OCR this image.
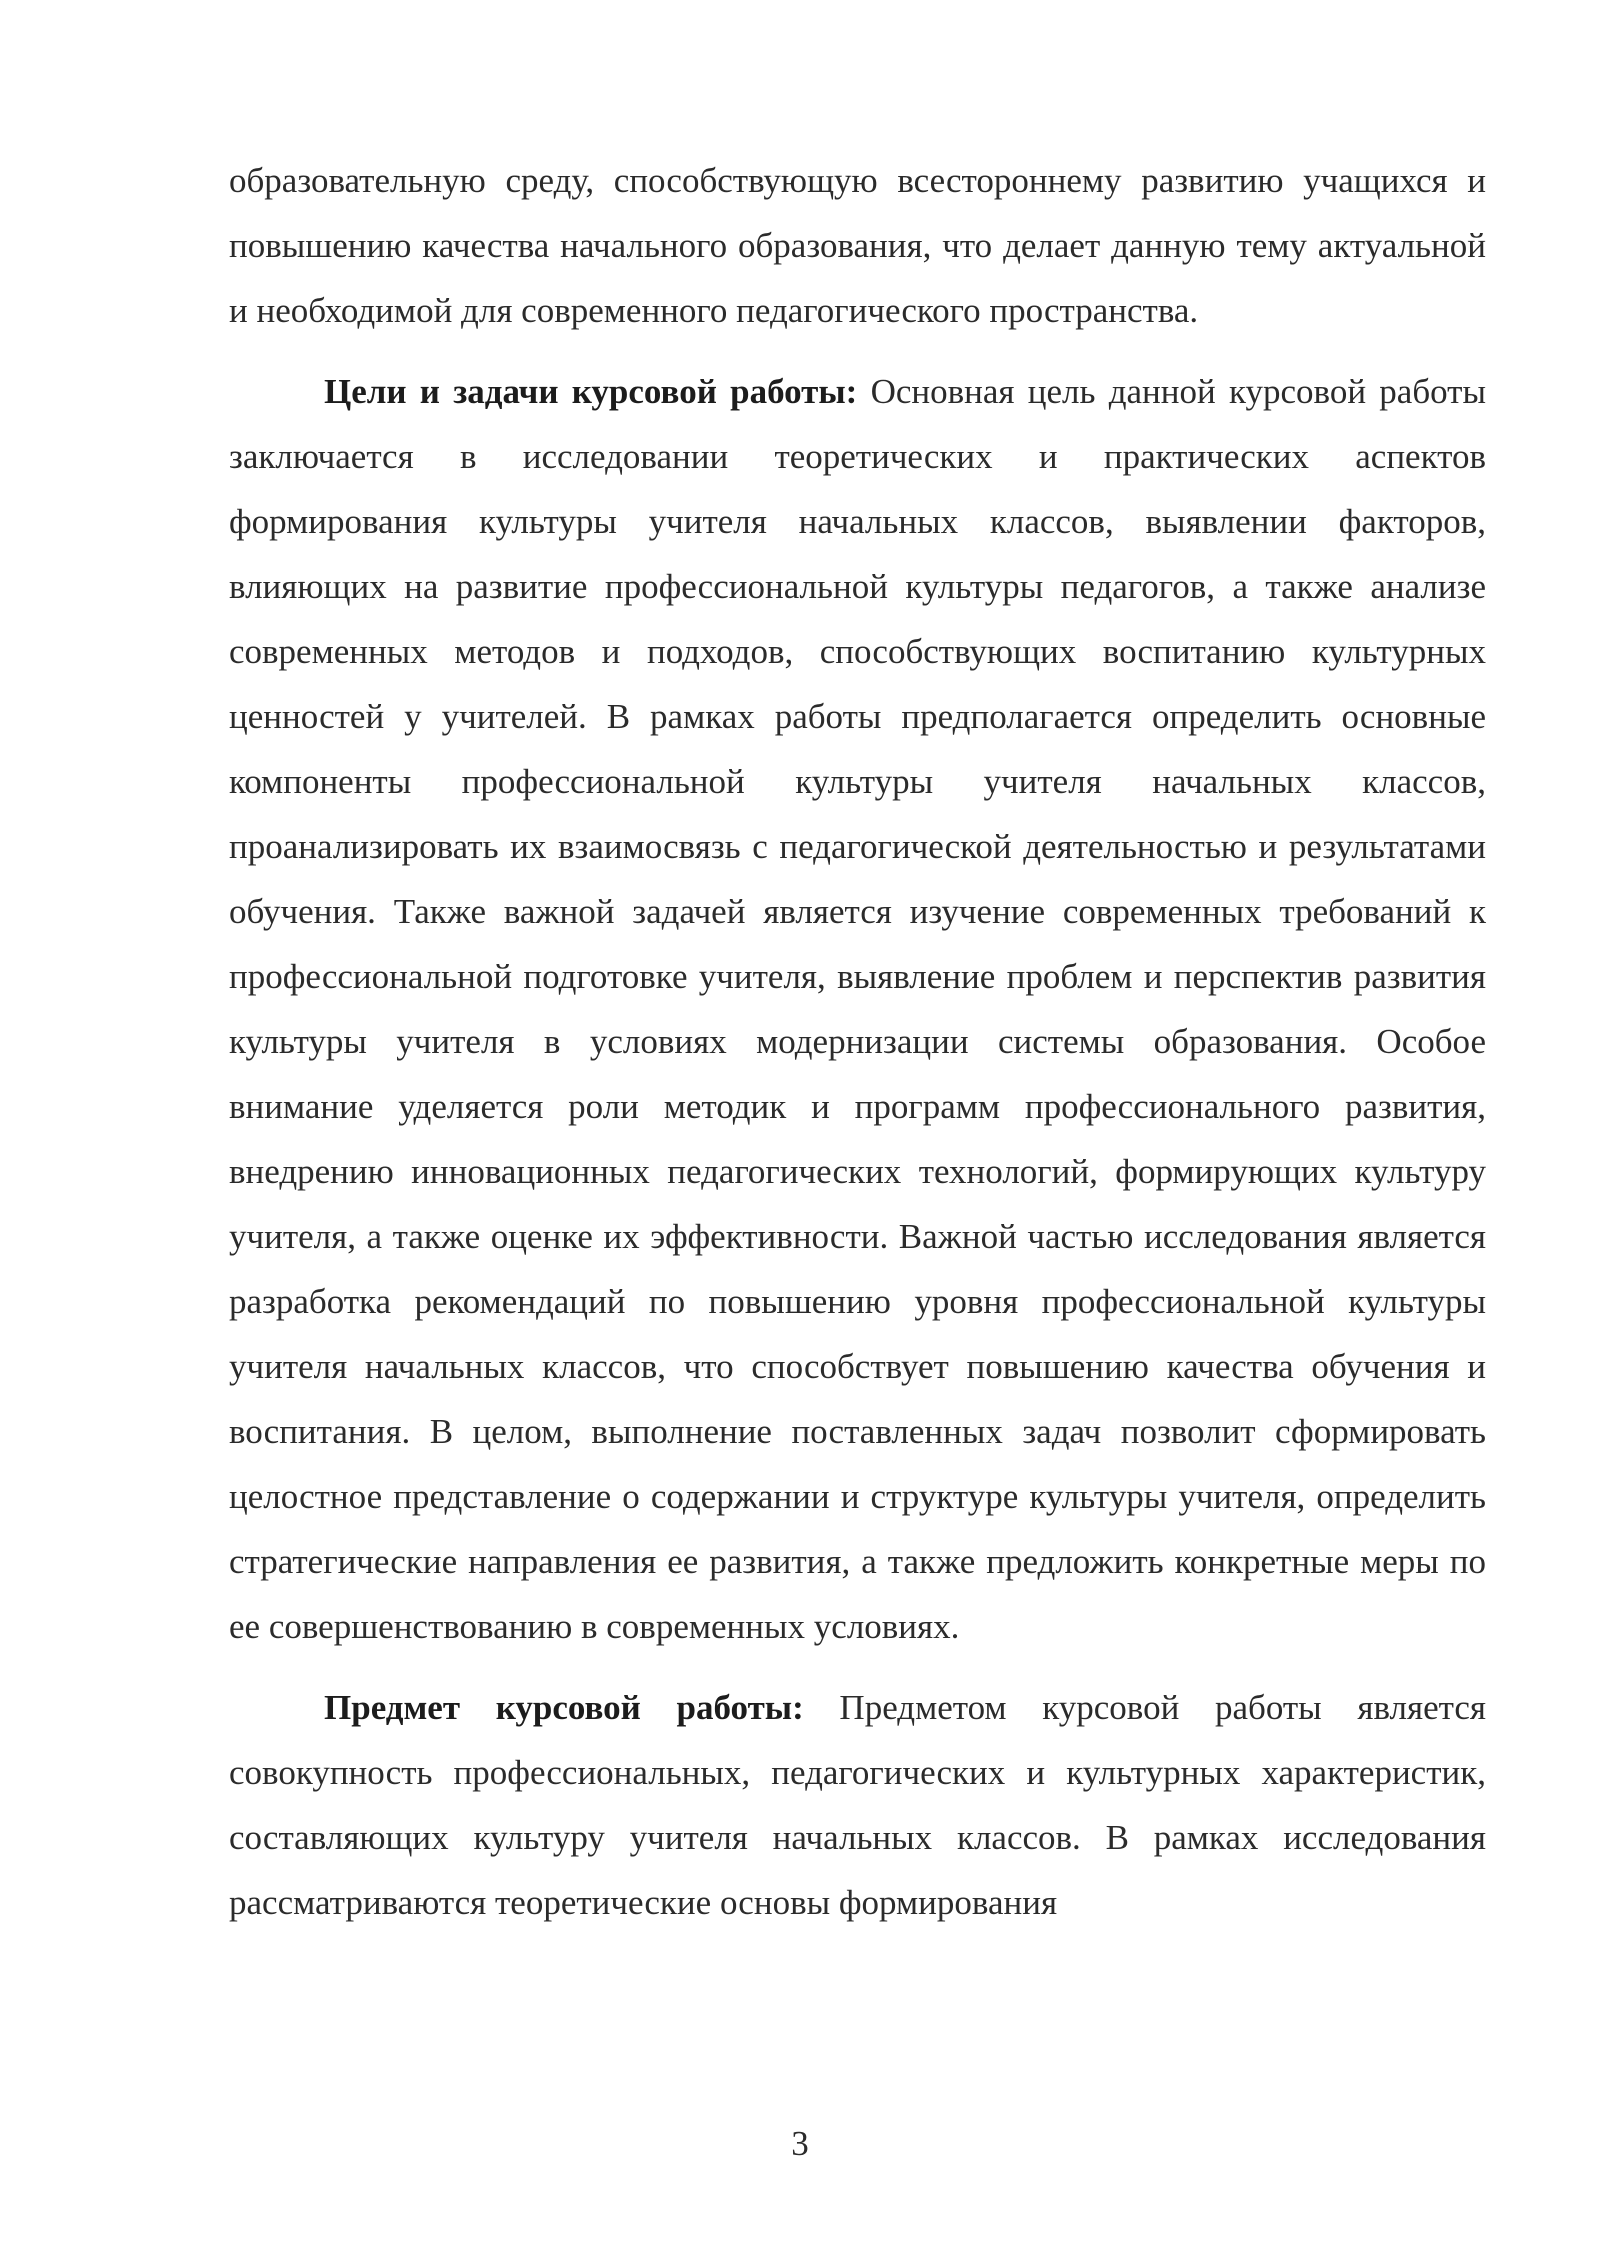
образовательную среду, способствующую всестороннему развитию учащихся и повышению качества начального образования, что делает данную тему актуальной и необходимой для современного педагогического пространства.

Цели и задачи курсовой работы: Основная цель данной курсовой работы заключается в исследовании теоретических и практических аспектов формирования культуры учителя начальных классов, выявлении факторов, влияющих на развитие профессиональной культуры педагогов, а также анализе современных методов и подходов, способствующих воспитанию культурных ценностей у учителей. В рамках работы предполагается определить основные компоненты профессиональной культуры учителя начальных классов, проанализировать их взаимосвязь с педагогической деятельностью и результатами обучения. Также важной задачей является изучение современных требований к профессиональной подготовке учителя, выявление проблем и перспектив развития культуры учителя в условиях модернизации системы образования. Особое внимание уделяется роли методик и программ профессионального развития, внедрению инновационных педагогических технологий, формирующих культуру учителя, а также оценке их эффективности. Важной частью исследования является разработка рекомендаций по повышению уровня профессиональной культуры учителя начальных классов, что способствует повышению качества обучения и воспитания. В целом, выполнение поставленных задач позволит сформировать целостное представление о содержании и структуре культуры учителя, определить стратегические направления ее развития, а также предложить конкретные меры по ее совершенствованию в современных условиях.

Предмет курсовой работы: Предметом курсовой работы является совокупность профессиональных, педагогических и культурных характеристик, составляющих культуру учителя начальных классов. В рамках исследования рассматриваются теоретические основы формирования

3
